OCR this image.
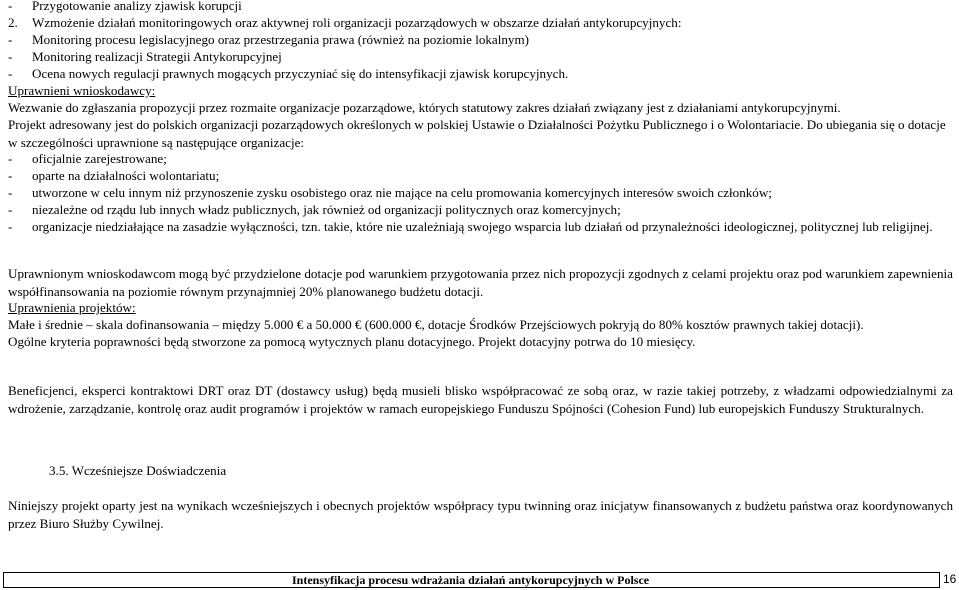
-	Przygotowanie analizy zjawisk korupcji
2.	Wzmożenie działań monitoringowych oraz aktywnej roli organizacji pozarządowych w obszarze działań antykorupcyjnych:
-	Monitoring procesu legislacyjnego oraz przestrzegania prawa (również na poziomie lokalnym)
-	Monitoring realizacji Strategii Antykorupcyjnej
-	Ocena nowych regulacji prawnych mogących przyczyniać się do intensyfikacji zjawisk korupcyjnych.
Uprawnieni wnioskodawcy:
Wezwanie do zgłaszania propozycji przez rozmaite organizacje pozarządowe, których statutowy zakres działań związany jest z działaniami antykorupcyjnymi.
Projekt adresowany jest do polskich organizacji pozarządowych określonych w polskiej Ustawie o Działalności Pożytku Publicznego i o Wolontariacie. Do ubiegania się o dotacje w szczególności uprawnione są następujące organizacje:
-	oficjalnie zarejestrowane;
-	oparte na działalności wolontariatu;
-	utworzone w celu innym niż przynoszenie zysku osobistego oraz nie mające na celu promowania komercyjnych interesów swoich członków;
-	niezależne od rządu lub innych władz publicznych, jak również od organizacji politycznych oraz komercyjnych;
-	organizacje niedziałające na zasadzie wyłączności, tzn. takie, które nie uzależniają swojego wsparcia lub działań od przynależności ideologicznej, politycznej lub religijnej.
Uprawnionym wnioskodawcom mogą być przydzielone dotacje pod warunkiem przygotowania przez nich propozycji zgodnych z celami projektu oraz pod warunkiem zapewnienia współfinansowania na poziomie równym przynajmniej 20% planowanego budżetu dotacji.
Uprawnienia projektów:
Małe i średnie – skala dofinansowania – między 5.000 € a 50.000 € (600.000 €, dotacje Środków Przejściowych pokryją do 80% kosztów prawnych takiej dotacji).
Ogólne kryteria poprawności będą stworzone za pomocą wytycznych planu dotacyjnego. Projekt dotacyjny potrwa do 10 miesięcy.
Beneficjenci, eksperci kontraktowi DRT oraz DT (dostawcy usług) będą musieli blisko współpracować ze sobą oraz, w razie takiej potrzeby, z władzami odpowiedzialnymi za wdrożenie, zarządzanie, kontrolę oraz audit programów i projektów w ramach europejskiego Funduszu Spójności (Cohesion Fund) lub europejskich Funduszy Strukturalnych.
3.5. Wcześniejsze Doświadczenia
Niniejszy projekt oparty jest na wynikach wcześniejszych i obecnych projektów współpracy typu twinning oraz inicjatyw finansowanych z budżetu państwa oraz koordynowanych przez Biuro Służby Cywilnej.
Intensyfikacja procesu wdrażania działań antykorupcyjnych w Polsce	16
